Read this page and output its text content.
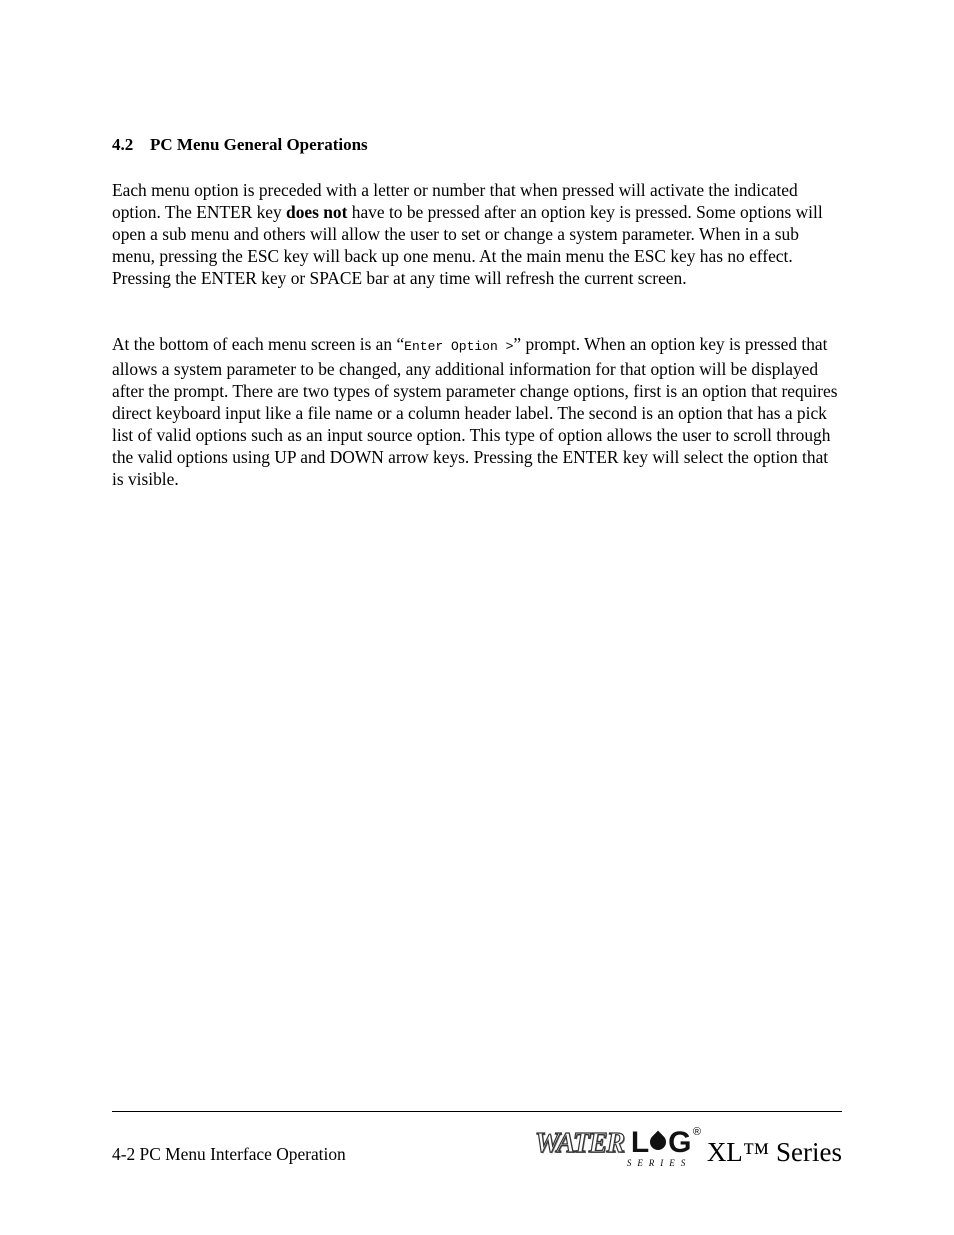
4.2 PC Menu General Operations

Each menu option is preceded with a letter or number that when pressed will activate the indicated option. The ENTER key does not have to be pressed after an option key is pressed. Some options will open a sub menu and others will allow the user to set or change a system parameter. When in a sub menu, pressing the ESC key will back up one menu. At the main menu the ESC key has no effect. Pressing the ENTER key or SPACE bar at any time will refresh the current screen.

At the bottom of each menu screen is an “Enter Option >” prompt. When an option key is pressed that allows a system parameter to be changed, any additional information for that option will be displayed after the prompt. There are two types of system parameter change options, first is an option that requires direct keyboard input like a file name or a column header label. The second is an option that has a pick list of valid options such as an input source option. This type of option allows the user to scroll through the valid options using UP and DOWN arrow keys. Pressing the ENTER key will select the option that is visible.

4-2 PC Menu Interface Operation	WATER L G ®
SERIES XL™ Series
